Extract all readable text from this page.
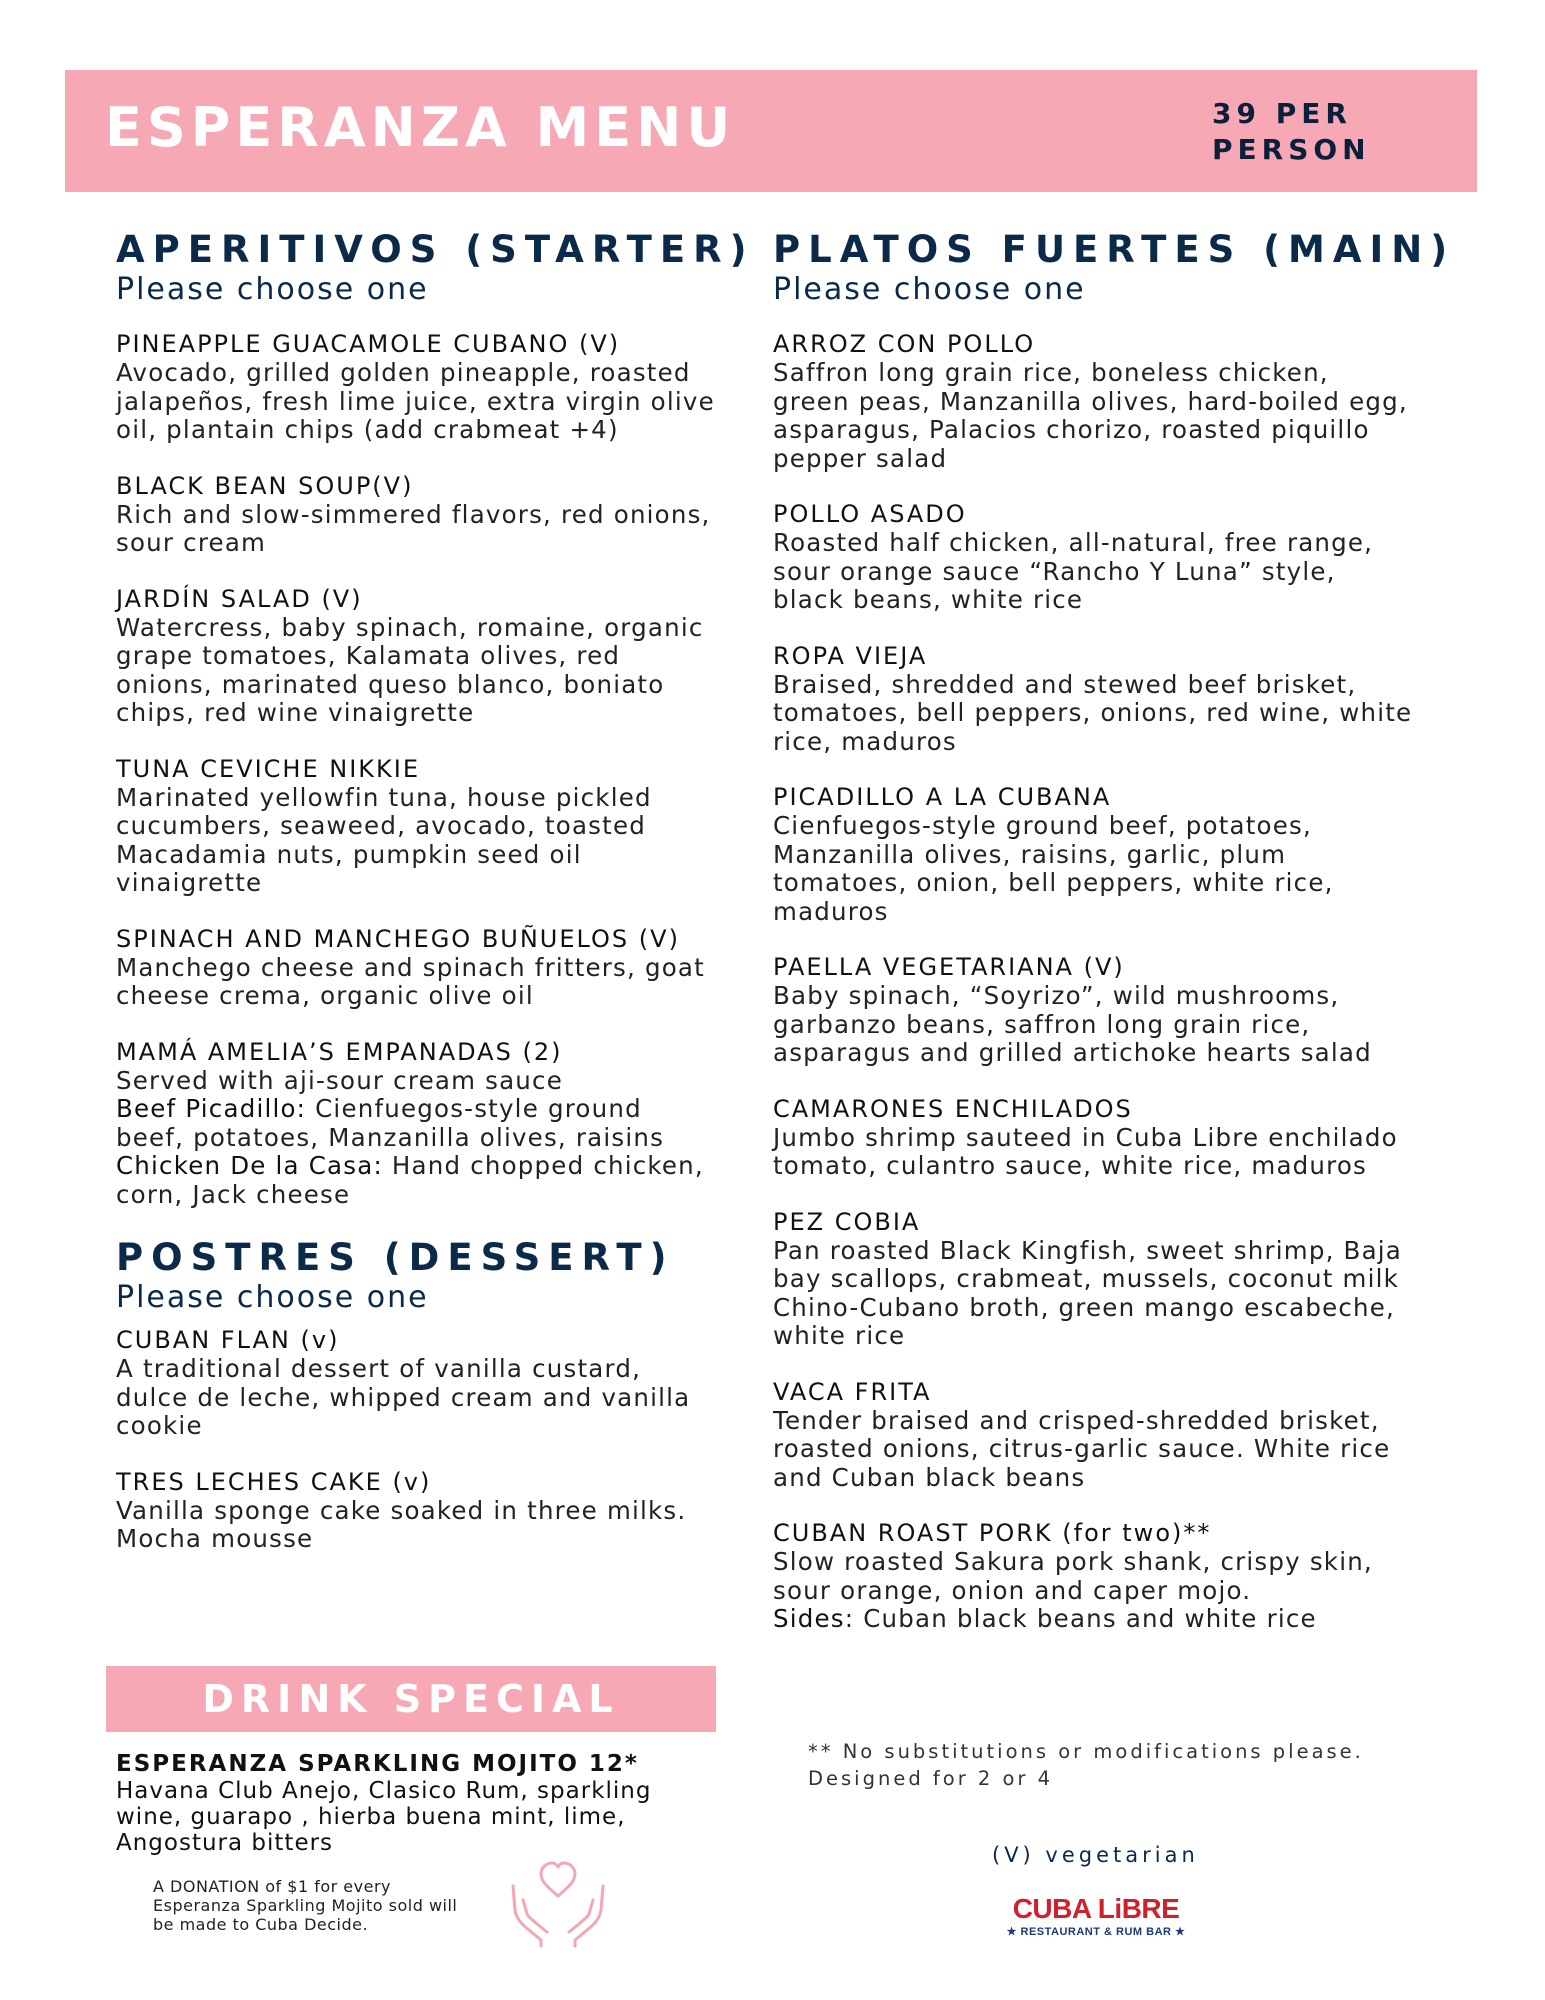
ESPERANZA MENU	39 PER
PERSON
APERITIVOS (STARTER)
Please choose one
PINEAPPLE GUACAMOLE CUBANO (V)
Avocado, grilled golden pineapple, roasted jalapeños, fresh lime juice, extra virgin olive oil, plantain chips (add crabmeat +4)
BLACK BEAN SOUP(V)
Rich and slow-simmered flavors, red onions, sour cream
JARDÍN SALAD (V)
Watercress, baby spinach, romaine, organic grape tomatoes, Kalamata olives, red onions, marinated queso blanco, boniato chips, red wine vinaigrette
TUNA CEVICHE NIKKIE
Marinated yellowfin tuna, house pickled cucumbers, seaweed, avocado, toasted Macadamia nuts, pumpkin seed oil vinaigrette
SPINACH AND MANCHEGO BUÑUELOS (V)
Manchego cheese and spinach fritters, goat cheese crema, organic olive oil
MAMÁ AMELIA’S EMPANADAS (2)
Served with aji-sour cream sauce
Beef Picadillo: Cienfuegos-style ground beef, potatoes, Manzanilla olives, raisins
Chicken De la Casa: Hand chopped chicken, corn, Jack cheese
POSTRES (DESSERT)
Please choose one
CUBAN FLAN (v)
A traditional dessert of vanilla custard, dulce de leche, whipped cream and vanilla cookie
TRES LECHES CAKE (v)
Vanilla sponge cake soaked in three milks. Mocha mousse
PLATOS FUERTES (MAIN)
Please choose one
ARROZ CON POLLO
Saffron long grain rice, boneless chicken, green peas, Manzanilla olives, hard-boiled egg, asparagus, Palacios chorizo, roasted piquillo pepper salad
POLLO ASADO
Roasted half chicken, all-natural, free range, sour orange sauce “Rancho Y Luna” style, black beans, white rice
ROPA VIEJA
Braised, shredded and stewed beef brisket, tomatoes, bell peppers, onions, red wine, white rice, maduros
PICADILLO A LA CUBANA
Cienfuegos-style ground beef, potatoes, Manzanilla olives, raisins, garlic, plum tomatoes, onion, bell peppers, white rice, maduros
PAELLA VEGETARIANA (V)
Baby spinach, “Soyrizo”, wild mushrooms, garbanzo beans, saffron long grain rice, asparagus and grilled artichoke hearts salad
CAMARONES ENCHILADOS
Jumbo shrimp sauteed in Cuba Libre enchilado tomato, culantro sauce, white rice, maduros
PEZ COBIA
Pan roasted Black Kingfish, sweet shrimp, Baja bay scallops, crabmeat, mussels, coconut milk Chino-Cubano broth, green mango escabeche, white rice
VACA FRITA
Tender braised and crisped-shredded brisket, roasted onions, citrus-garlic sauce. White rice and Cuban black beans
CUBAN ROAST PORK (for two)**
Slow roasted Sakura pork shank, crispy skin, sour orange, onion and caper mojo.
Sides: Cuban black beans and white rice
DRINK SPECIAL
ESPERANZA SPARKLING MOJITO 12*
Havana Club Anejo, Clasico Rum, sparkling wine, guarapo , hierba buena mint, lime, Angostura bitters
A DONATION of $1 for every Esperanza Sparkling Mojito sold will be made to Cuba Decide.
** No substitutions or modifications please. Designed for 2 or 4
(V) vegetarian
CUBA LiBRE
★ RESTAURANT & RUM BAR ★
